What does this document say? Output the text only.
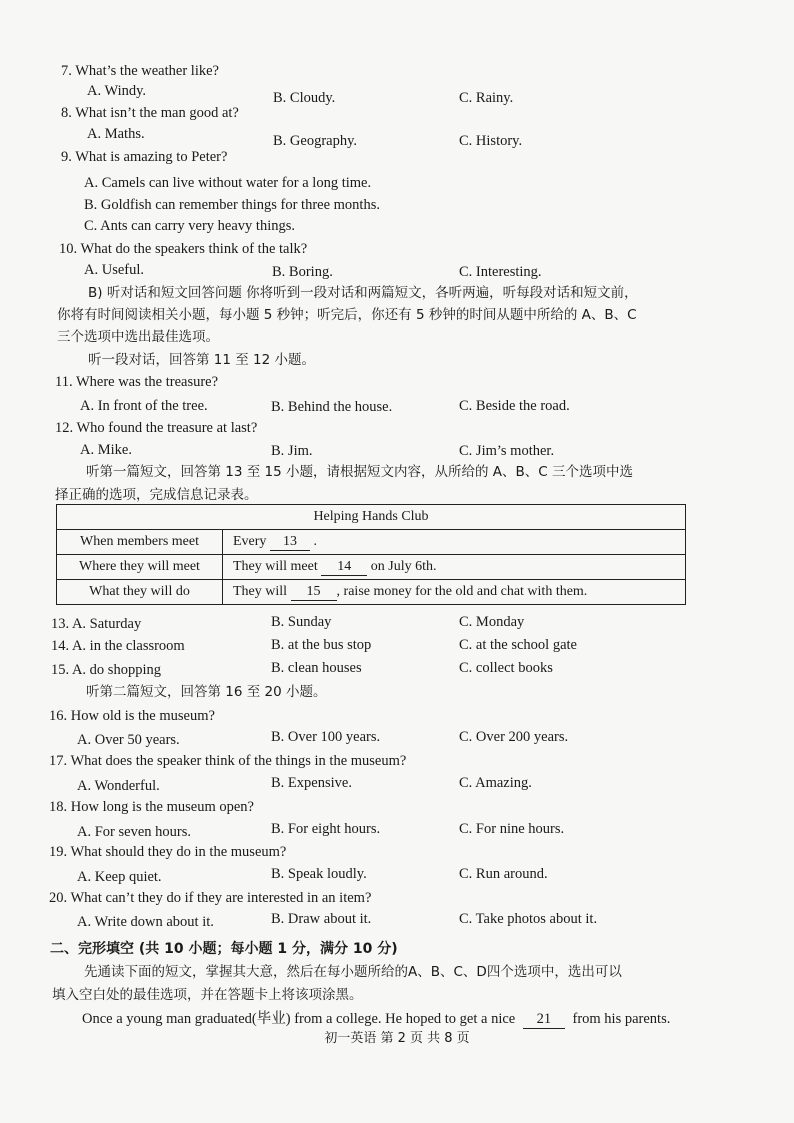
7. What’s the weather like?
A. Windy.	B. Cloudy.	C. Rainy.
8. What isn’t the man good at?
A. Maths.	B. Geography.	C. History.
9. What is amazing to Peter?
A. Camels can live without water for a long time.
B. Goldfish can remember things for three months.
C. Ants can carry very heavy things.
10. What do the speakers think of the talk?
A. Useful.	B. Boring.	C. Interesting.
B) 听对话和短文回答问题 你将听到一段对话和两篇短文，各听两遍，听每段对话和短文前，
你将有时间阅读相关小题，每小题 5 秒钟；听完后，你还有 5 秒钟的时间从题中所给的 A、B、C
三个选项中选出最佳选项。
听一段对话，回答第 11 至 12 小题。
11. Where was the treasure?
A. In front of the tree.	B. Behind the house.	C. Beside the road.
12. Who found the treasure at last?
A. Mike.	B. Jim.	C. Jim’s mother.
听第一篇短文，回答第 13 至 15 小题，请根据短文内容，从所给的 A、B、C 三个选项中选
择正确的选项，完成信息记录表。
Helping Hands Club	
When members meet	Every 13 .
Where they will meet	They will meet 14 on July 6th.
What they will do	They will 15 , raise money for the old and chat with them.
13. A. Saturday	B. Sunday	C. Monday
14. A. in the classroom	B. at the bus stop	C. at the school gate
15. A. do shopping	B. clean houses	C. collect books
听第二篇短文，回答第 16 至 20 小题。
16. How old is the museum?
A. Over 50 years.	B. Over 100 years.	C. Over 200 years.
17. What does the speaker think of the things in the museum?
A. Wonderful.	B. Expensive.	C. Amazing.
18. How long is the museum open?
A. For seven hours.	B. For eight hours.	C. For nine hours.
19. What should they do in the museum?
A. Keep quiet.	B. Speak loudly.	C. Run around.
20. What can’t they do if they are interested in an item?
A. Write down about it.	B. Draw about it.	C. Take photos about it.
二、完形填空 (共 10 小题；每小题 1 分，满分 10 分)
先通读下面的短文，掌握其大意，然后在每小题所给的A、B、C、D四个选项中，选出可以
填入空白处的最佳选项，并在答题卡上将该项涂黑。
Once a young man graduated(毕业) from a college. He hoped to get a nice 21 from his parents.
初一英语 第 2 页 共 8 页
